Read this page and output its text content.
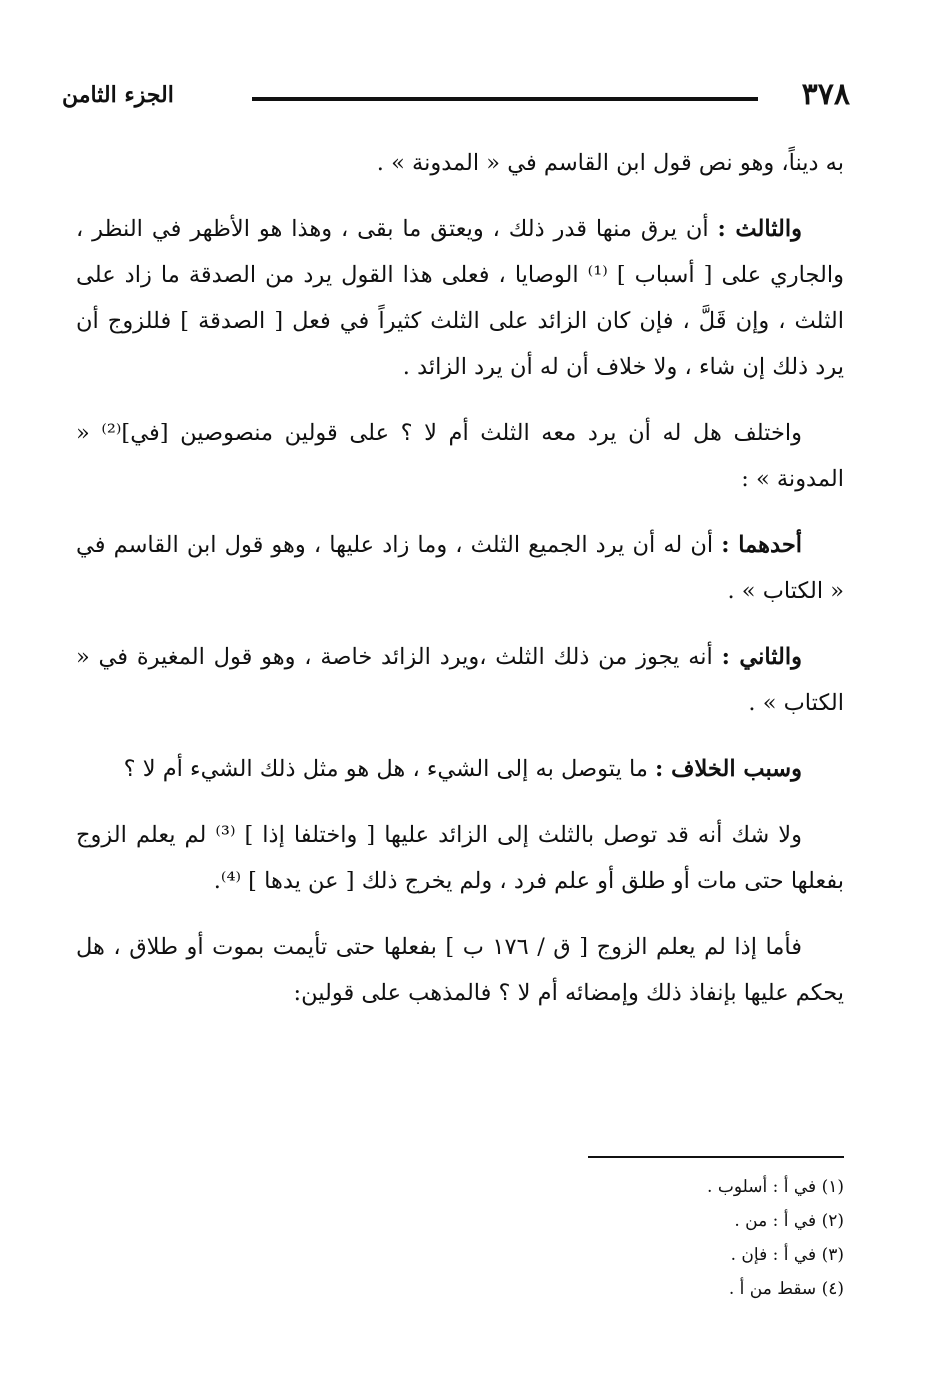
٣٧٨
الجزء الثامن

به ديناً، وهو نص قول ابن القاسم في « المدونة » .

والثالث : أن يرق منها قدر ذلك ، ويعتق ما بقى ، وهذا هو الأظهر في النظر ، والجاري على [ أسباب ] ⁽¹⁾ الوصايا ، فعلى هذا القول يرد من الصدقة ما زاد على الثلث ، وإن قَلَّ ، فإن كان الزائد على الثلث كثيراً في فعل [ الصدقة ] فللزوج أن يرد ذلك إن شاء ، ولا خلاف أن له أن يرد الزائد .

واختلف هل له أن يرد معه الثلث أم لا ؟ على قولين منصوصين [في]⁽²⁾ « المدونة » :

أحدهما : أن له أن يرد الجميع الثلث ، وما زاد عليها ، وهو قول ابن القاسم في « الكتاب » .

والثاني : أنه يجوز من ذلك الثلث ،ويرد الزائد خاصة ، وهو قول المغيرة في « الكتاب » .

وسبب الخلاف : ما يتوصل به إلى الشيء ، هل هو مثل ذلك الشيء أم لا ؟

ولا شك أنه قد توصل بالثلث إلى الزائد عليها [ واختلفا إذا ] ⁽³⁾ لم يعلم الزوج بفعلها حتى مات أو طلق أو علم فرد ، ولم يخرج ذلك [ عن يدها ] ⁽⁴⁾.

فأما إذا لم يعلم الزوج [ ق / ١٧٦ ب ] بفعلها حتى تأيمت بموت أو طلاق ، هل يحكم عليها بإنفاذ ذلك وإمضائه أم لا ؟ فالمذهب على قولين:

(١) في أ : أسلوب .

(٢) في أ : من .

(٣) في أ : فإن .

(٤) سقط من أ .
